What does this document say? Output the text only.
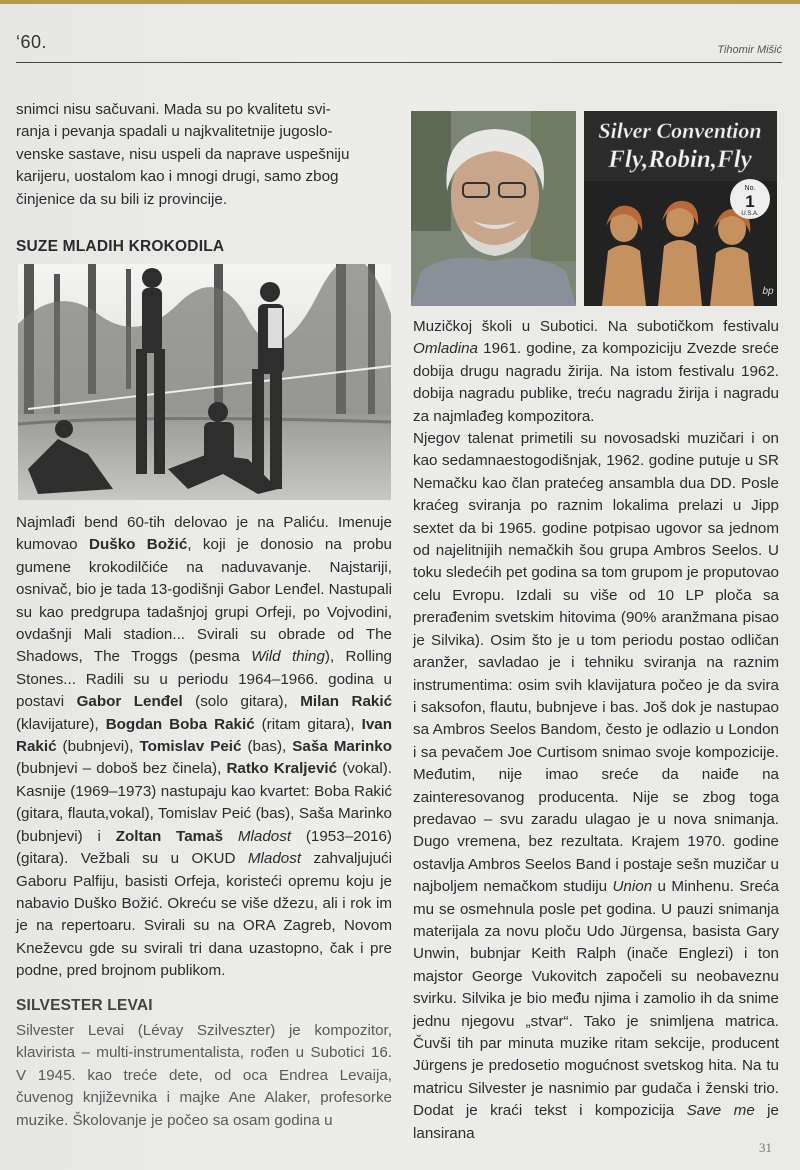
‘60.	Tihomir Mišić

snimci nisu sačuvani. Mada su po kvalitetu svi-

ranja i pevanja spadali u najkvalitetnije jugoslo-

venske sastave, nisu uspeli da naprave uspešniju

karijeru, uostalom kao i mnogi drugi, samo zbog

činjenice da su bili iz provincije.

SUZE MLADIH KROKODILA

Najmlađi bend 60-tih delovao je na Paliću. Imenuje kumovao Duško Božić, koji je donosio na probu gumene krokodilčiće na naduvavanje. Najstariji, osnivač, bio je tada 13-godišnji Gabor Lenđel. Nastupali su kao predgrupa tadašnjoj grupi Orfeji, po Vojvodini, ovdašnji Mali stadion... Svirali su obrade od The Shadows, The Troggs (pesma Wild thing), Rolling Stones... Radili su u periodu 1964–1966. godina u postavi Gabor Lenđel (solo gitara), Milan Rakić (klavijature), Bogdan Boba Rakić (ritam gitara), Ivan Rakić (bubnjevi), Tomislav Peić (bas), Saša Marinko (bubnjevi – doboš bez činela), Ratko Kraljević (vokal). Kasnije (1969–1973) nastupaju kao kvartet: Boba Rakić (gitara, flauta,vokal), Tomislav Peić (bas), Saša Marinko (bubnjevi) i Zoltan Tamaš Mladost (1953–2016) (gitara). Vežbali su u OKUD Mladost zahvaljujući Gaboru Palfiju, basisti Orfeja, koristeći opremu koju je nabavio Duško Božić. Okreću se više džezu, ali i rok im je na repertoaru. Svirali su na ORA Zagreb, Novom Kneževcu gde su svirali tri dana uzastopno, čak i pre podne, pred brojnom publikom.

SILVESTER LEVAI

Silvester Levai (Lévay Szilveszter) je kompozitor, klavirista – multi-instrumentalista, rođen u Subotici 16. V 1945. kao treće dete, od oca Endrea Levaija, čuvenog književnika i majke Ane Alaker, profesorke muzike. Školovanje je počeo sa osam godina u

No.
1
U.S.A.
Silver Convention
Fly,Robin,Fly
bp

Muzičkoj školi u Subotici. Na subotičkom festivalu Omladina 1961. godine, za kompoziciju Zvezde sreće dobija drugu nagradu žirija. Na istom festivalu 1962. dobija nagradu publike, treću nagradu žirija i nagradu za najmlađeg kompozitora.

Njegov talenat primetili su novosadski muzičari i on kao sedamnaestogodišnjak, 1962. godine putuje u SR Nemačku kao član pratećeg ansambla dua DD. Posle kraćeg sviranja po raznim lokalima prelazi u Jipp sextet da bi 1965. godine potpisao ugovor sa jednom od najelitnijih nemačkih šou grupa Ambros Seelos. U toku sledećih pet godina sa tom grupom je proputovao celu Evropu. Izdali su više od 10 LP ploča sa prerađenim svetskim hitovima (90% aranžmana pisao je Silvika). Osim što je u tom periodu postao odličan aranžer, savladao je i tehniku sviranja na raznim instrumentima: osim svih klavijatura počeo je da svira i saksofon, flautu, bubnjeve i bas. Još dok je nastupao sa Ambros Seelos Bandom, često je odlazio u London i sa pevačem Joe Curtisom snimao svoje kompozicije. Međutim, nije imao sreće da naiđe na zainteresovanog producenta. Nije se zbog toga predavao – svu zaradu ulagao je u nova snimanja. Dugo vremena, bez rezultata. Krajem 1970. godine ostavlja Ambros Seelos Band i postaje sešn muzičar u najboljem nemačkom studiju Union u Minhenu. Sreća mu se osmehnula posle pet godina. U pauzi snimanja materijala za novu ploču Udo Jürgensa, basista Gary Unwin, bubnjar Keith Ralph (inače Englezi) i ton majstor George Vukovitch započeli su neobaveznu svirku. Silvika je bio među njima i zamolio ih da snime jednu njegovu „stvar“. Tako je snimljena matrica. Čuvši tih par minuta muzike ritam sekcije, producent Jürgens je predosetio mogućnost svetskog hita. Na tu matricu Silvester je nasnimio par gudača i ženski trio. Dodat je kraći tekst i kompozicija Save me je lansirana

31
